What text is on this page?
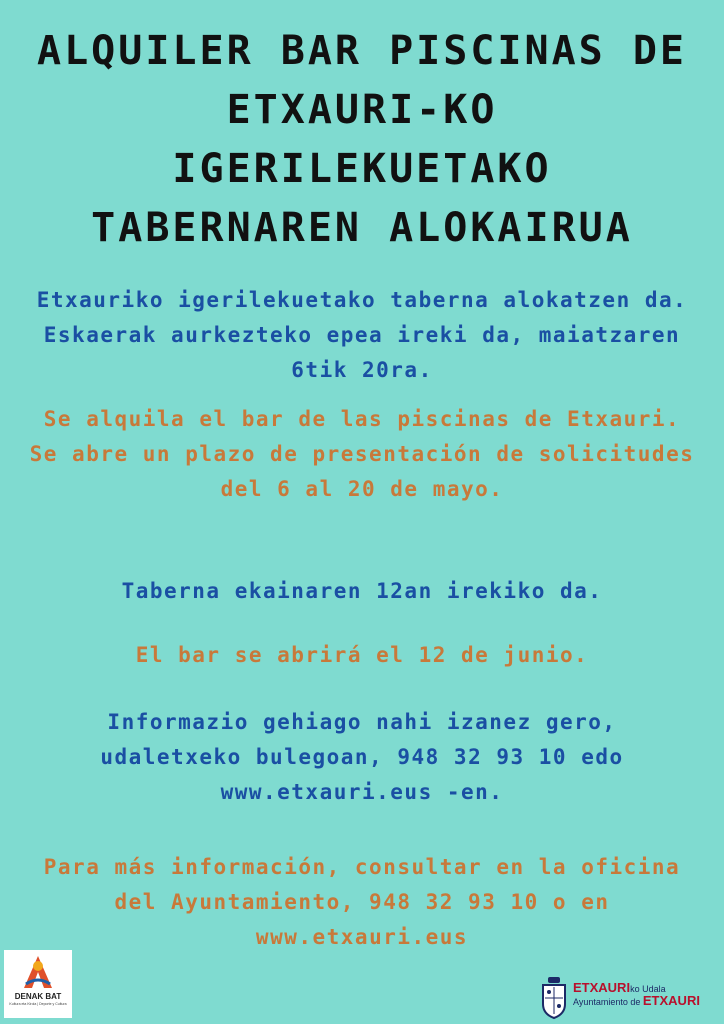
ALQUILER BAR PISCINAS DE
ETXAURI-KO
IGERILEKUETAKO
TABERNAREN ALOKAIRUA

Etxauriko igerilekuetako taberna alokatzen da.
Eskaerak aurkezteko epea ireki da, maiatzaren
6tik 20ra.

Se alquila el bar de las piscinas de Etxauri.
Se abre un plazo de presentación de solicitudes
del 6 al 20 de mayo.

Taberna ekainaren 12an irekiko da.

El bar se abrirá el 12 de junio.

Informazio gehiago nahi izanez gero,
udaletxeko bulegoan, 948 32 93 10 edo
www.etxauri.eus -en.

Para más información, consultar en la oficina
del Ayuntamiento, 948 32 93 10 o en
www.etxauri.eus

DENAK BAT
Kultura eta Kirola | Deporte y Cultura
ETXAURIko Udala
Ayuntamiento de ETXAURI
